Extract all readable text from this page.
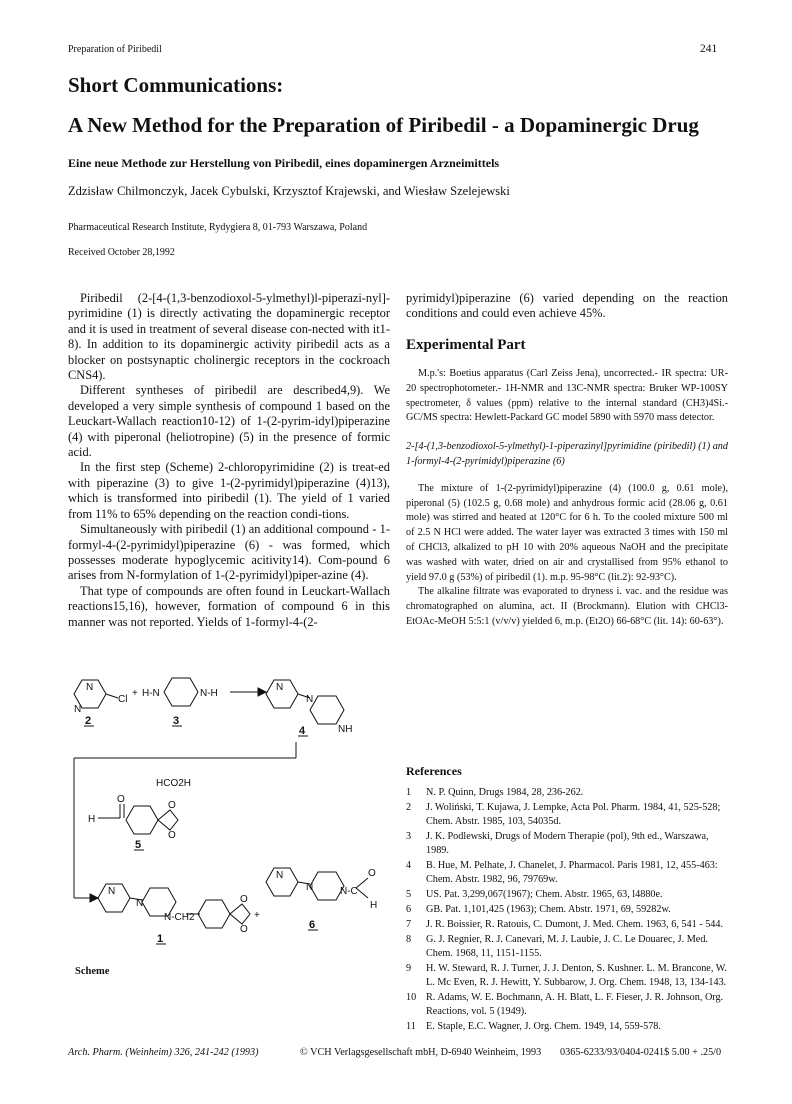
Preparation of Piribedil	241
Short Communications:
A New Method for the Preparation of Piribedil - a Dopaminergic Drug
Eine neue Methode zur Herstellung von Piribedil, eines dopaminergen Arzneimittels
Zdzisław Chilmonczyk, Jacek Cybulski, Krzysztof Krajewski, and Wiesław Szelejewski
Pharmaceutical Research Institute, Rydygiera 8, 01-793 Warszawa, Poland
Received October 28,1992

Piribedil (2-[4-(1,3-benzodioxol-5-ylmethyl)l-piperazi-nyl]-pyrimidine (1) is directly activating the dopaminergic receptor and it is used in treatment of several disease con-nected with it1-8). In addition to its dopaminergic activity piribedil acts as a blocker on postsynaptic cholinergic receptors in the cockroach CNS4).

Different syntheses of piribedil are described4,9). We developed a very simple synthesis of compound 1 based on the Leuckart-Wallach reaction10-12) of 1-(2-pyrim-idyl)piperazine (4) with piperonal (heliotropine) (5) in the presence of formic acid.

In the first step (Scheme) 2-chloropyrimidine (2) is treat-ed with piperazine (3) to give 1-(2-pyrimidyl)piperazine (4)13), which is transformed into piribedil (1). The yield of 1 varied from 11% to 65% depending on the reaction condi-tions.

Simultaneously with piribedil (1) an additional compound - 1-formyl-4-(2-pyrimidyl)piperazine (6) - was formed, which possesses moderate hypoglycemic acitivity14). Com-pound 6 arises from N-formylation of 1-(2-pyrimidyl)piper-azine (4).

That type of compounds are often found in Leuckart-Wallach reactions15,16), however, formation of compound 6 in this manner was not reported. Yields of 1-formyl-4-(2-

pyrimidyl)piperazine (6) varied depending on the reaction conditions and could even achieve 45%.

Experimental Part

M.p.'s: Boetius apparatus (Carl Zeiss Jena), uncorrected.- IR spectra: UR-20 spectrophotometer.- 1H-NMR and 13C-NMR spectra: Bruker WP-100SY spectrometer, δ values (ppm) relative to the internal standard (CH3)4Si.- GC/MS spectra: Hewlett-Packard GC model 5890 with 5970 mass detector.

2-[4-(1,3-benzodioxol-5-ylmethyl)-1-piperazinyl]pyrimidine (piribedil) (1) and 1-formyl-4-(2-pyrimidyl)piperazine (6)

The mixture of 1-(2-pyrimidyl)piperazine (4) (100.0 g, 0.61 mole), piperonal (5) (102.5 g, 0.68 mole) and anhydrous formic acid (28.06 g, 0.61 mole) was stirred and heated at 120°C for 6 h. To the cooled mixture 500 ml of 2.5 N HCl were added. The water layer was extracted 3 times with 150 ml of CHCl3, alkalized to pH 10 with 20% aqueous NaOH and the precipitate was washed with water, dried on air and crystallised from 95% ethanol to yield 97.0 g (53%) of piribedil (1). m.p. 95-98°C (lit.2): 92-93°C).

The alkaline filtrate was evaporated to dryness i. vac. and the residue was chromatographed on alumina, act. II (Brockmann). Elution with CHCl3-EtOAc-MeOH 5:5:1 (v/v/v) yielded 6, m.p. (Et2O) 66-68°C (lit. 14): 60-63°).

References
1	N. P. Quinn, Drugs 1984, 28, 236-262.
2	J. Woliński, T. Kujawa, J. Lempke, Acta Pol. Pharm. 1984, 41, 525-528; Chem. Abstr. 1985, 103, 54035d.
3	J. K. Podlewski, Drugs of Modern Therapie (pol), 9th ed., Warszawa, 1989.
4	B. Hue, M. Pelhate, J. Chanelet, J. Pharmacol. Paris 1981, 12, 455-463: Chem. Abstr. 1982, 96, 79769w.
5	US. Pat. 3,299,067(1967); Chem. Abstr. 1965, 63, l4880e.
6	GB. Pat. 1,101,425 (1963); Chem. Abstr. 1971, 69, 59282w.
7	J. R. Boissier, R. Ratouis, C. Dumont, J. Med. Chem. 1963, 6, 541 - 544.
8	G. J. Regnier, R. J. Canevari, M. J. Laubie, J. C. Le Douarec, J. Med. Chem. 1968, 11, 1151-1155.
9	H. W. Steward, R. J. Turner, J. J. Denton, S. Kushner. L. M. Brancone, W. L. Mc Even, R. J. Hewitt, Y. Subbarow, J. Org. Chem. 1948, 13, 134-143.
10 R. Adams, W. E. Bochmann, A. H. Blatt, L. F. Fieser, J. R. Johnson, Org. Reactions, vol. 5 (1949).
11 E. Staple, E.C. Wagner, J. Org. Chem. 1949, 14, 559-578.
N
N
Cl
+ H-N	N-H
N
N
NH
HCO2H
O
H
O
O
N
N
N-CH2
O
O
+
N
N	N-C
O
H
2	3
4
5
1
6
Scheme
Arch. Pharm. (Weinheim) 326, 241-242 (1993)	© VCH Verlagsgesellschaft mbH, D-6940 Weinheim, 1993 0365-6233/93/0404-0241$ 5.00 + .25/0
